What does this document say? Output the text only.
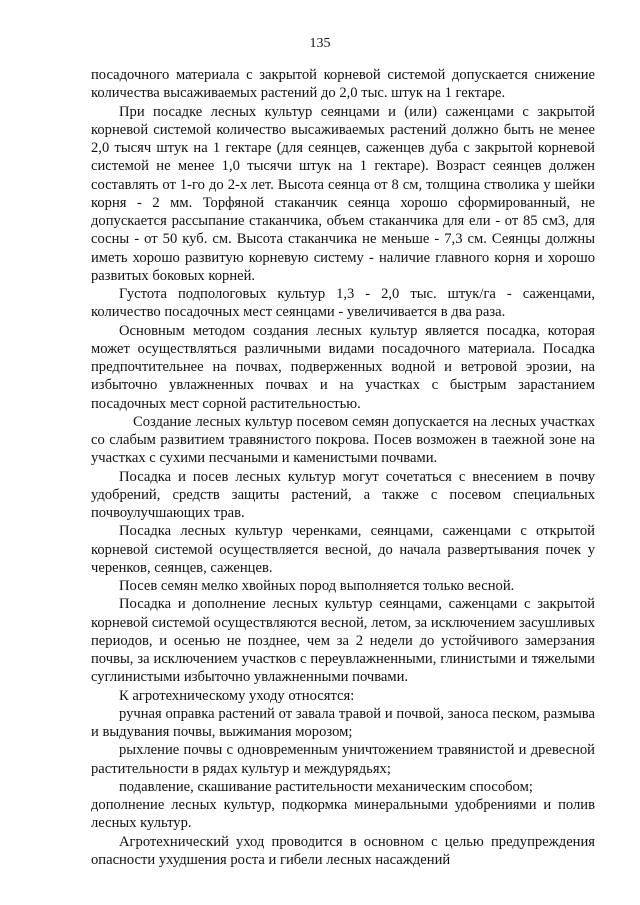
135

посадочного материала с закрытой корневой системой допускается снижение количества высаживаемых растений до 2,0 тыс. штук на 1 гектаре.

При посадке лесных культур сеянцами и (или) саженцами с закрытой корневой системой количество высаживаемых растений должно быть не менее 2,0 тысяч штук на 1 гектаре (для сеянцев, саженцев дуба с закрытой корневой системой не менее 1,0 тысячи штук на 1 гектаре). Возраст сеянцев должен составлять от 1-го до 2-х лет. Высота сеянца от 8 см, толщина стволика у шейки корня - 2 мм. Торфяной стаканчик сеянца хорошо сформированный, не допускается рассыпание стаканчика, объем стаканчика для ели - от 85 см3, для сосны - от 50 куб. см. Высота стаканчика не меньше - 7,3 см. Сеянцы должны иметь хорошо развитую корневую систему - наличие главного корня и хорошо развитых боковых корней.

Густота подпологовых культур 1,3 - 2,0 тыс. штук/га - саженцами, количество посадочных мест сеянцами - увеличивается в два раза.

Основным методом создания лесных культур является посадка, которая может осуществляться различными видами посадочного материала. Посадка предпочтительнее на почвах, подверженных водной и ветровой эрозии, на избыточно увлажненных почвах и на участках с быстрым зарастанием посадочных мест сорной растительностью.

Создание лесных культур посевом семян допускается на лесных участках со слабым развитием травянистого покрова. Посев возможен в таежной зоне на участках с сухими песчаными и каменистыми почвами.

Посадка и посев лесных культур могут сочетаться с внесением в почву удобрений, средств защиты растений, а также с посевом специальных почвоулучшающих трав.

Посадка лесных культур черенками, сеянцами, саженцами с открытой корневой системой осуществляется весной, до начала развертывания почек у черенков, сеянцев, саженцев.

Посев семян мелко хвойных пород выполняется только весной.

Посадка и дополнение лесных культур сеянцами, саженцами с закрытой корневой системой осуществляются весной, летом, за исключением засушливых периодов, и осенью не позднее, чем за 2 недели до устойчивого замерзания почвы, за исключением участков с переувлажненными, глинистыми и тяжелыми суглинистыми избыточно увлажненными почвами.

К агротехническому уходу относятся:

ручная оправка растений от завала травой и почвой, заноса песком, размыва и выдувания почвы, выжимания морозом;

рыхление почвы с одновременным уничтожением травянистой и древесной растительности в рядах культур и междурядьях;

подавление, скашивание растительности механическим способом;

дополнение лесных культур, подкормка минеральными удобрениями и полив лесных культур.

Агротехнический уход проводится в основном с целью предупреждения опасности ухудшения роста и гибели лесных насаждений
